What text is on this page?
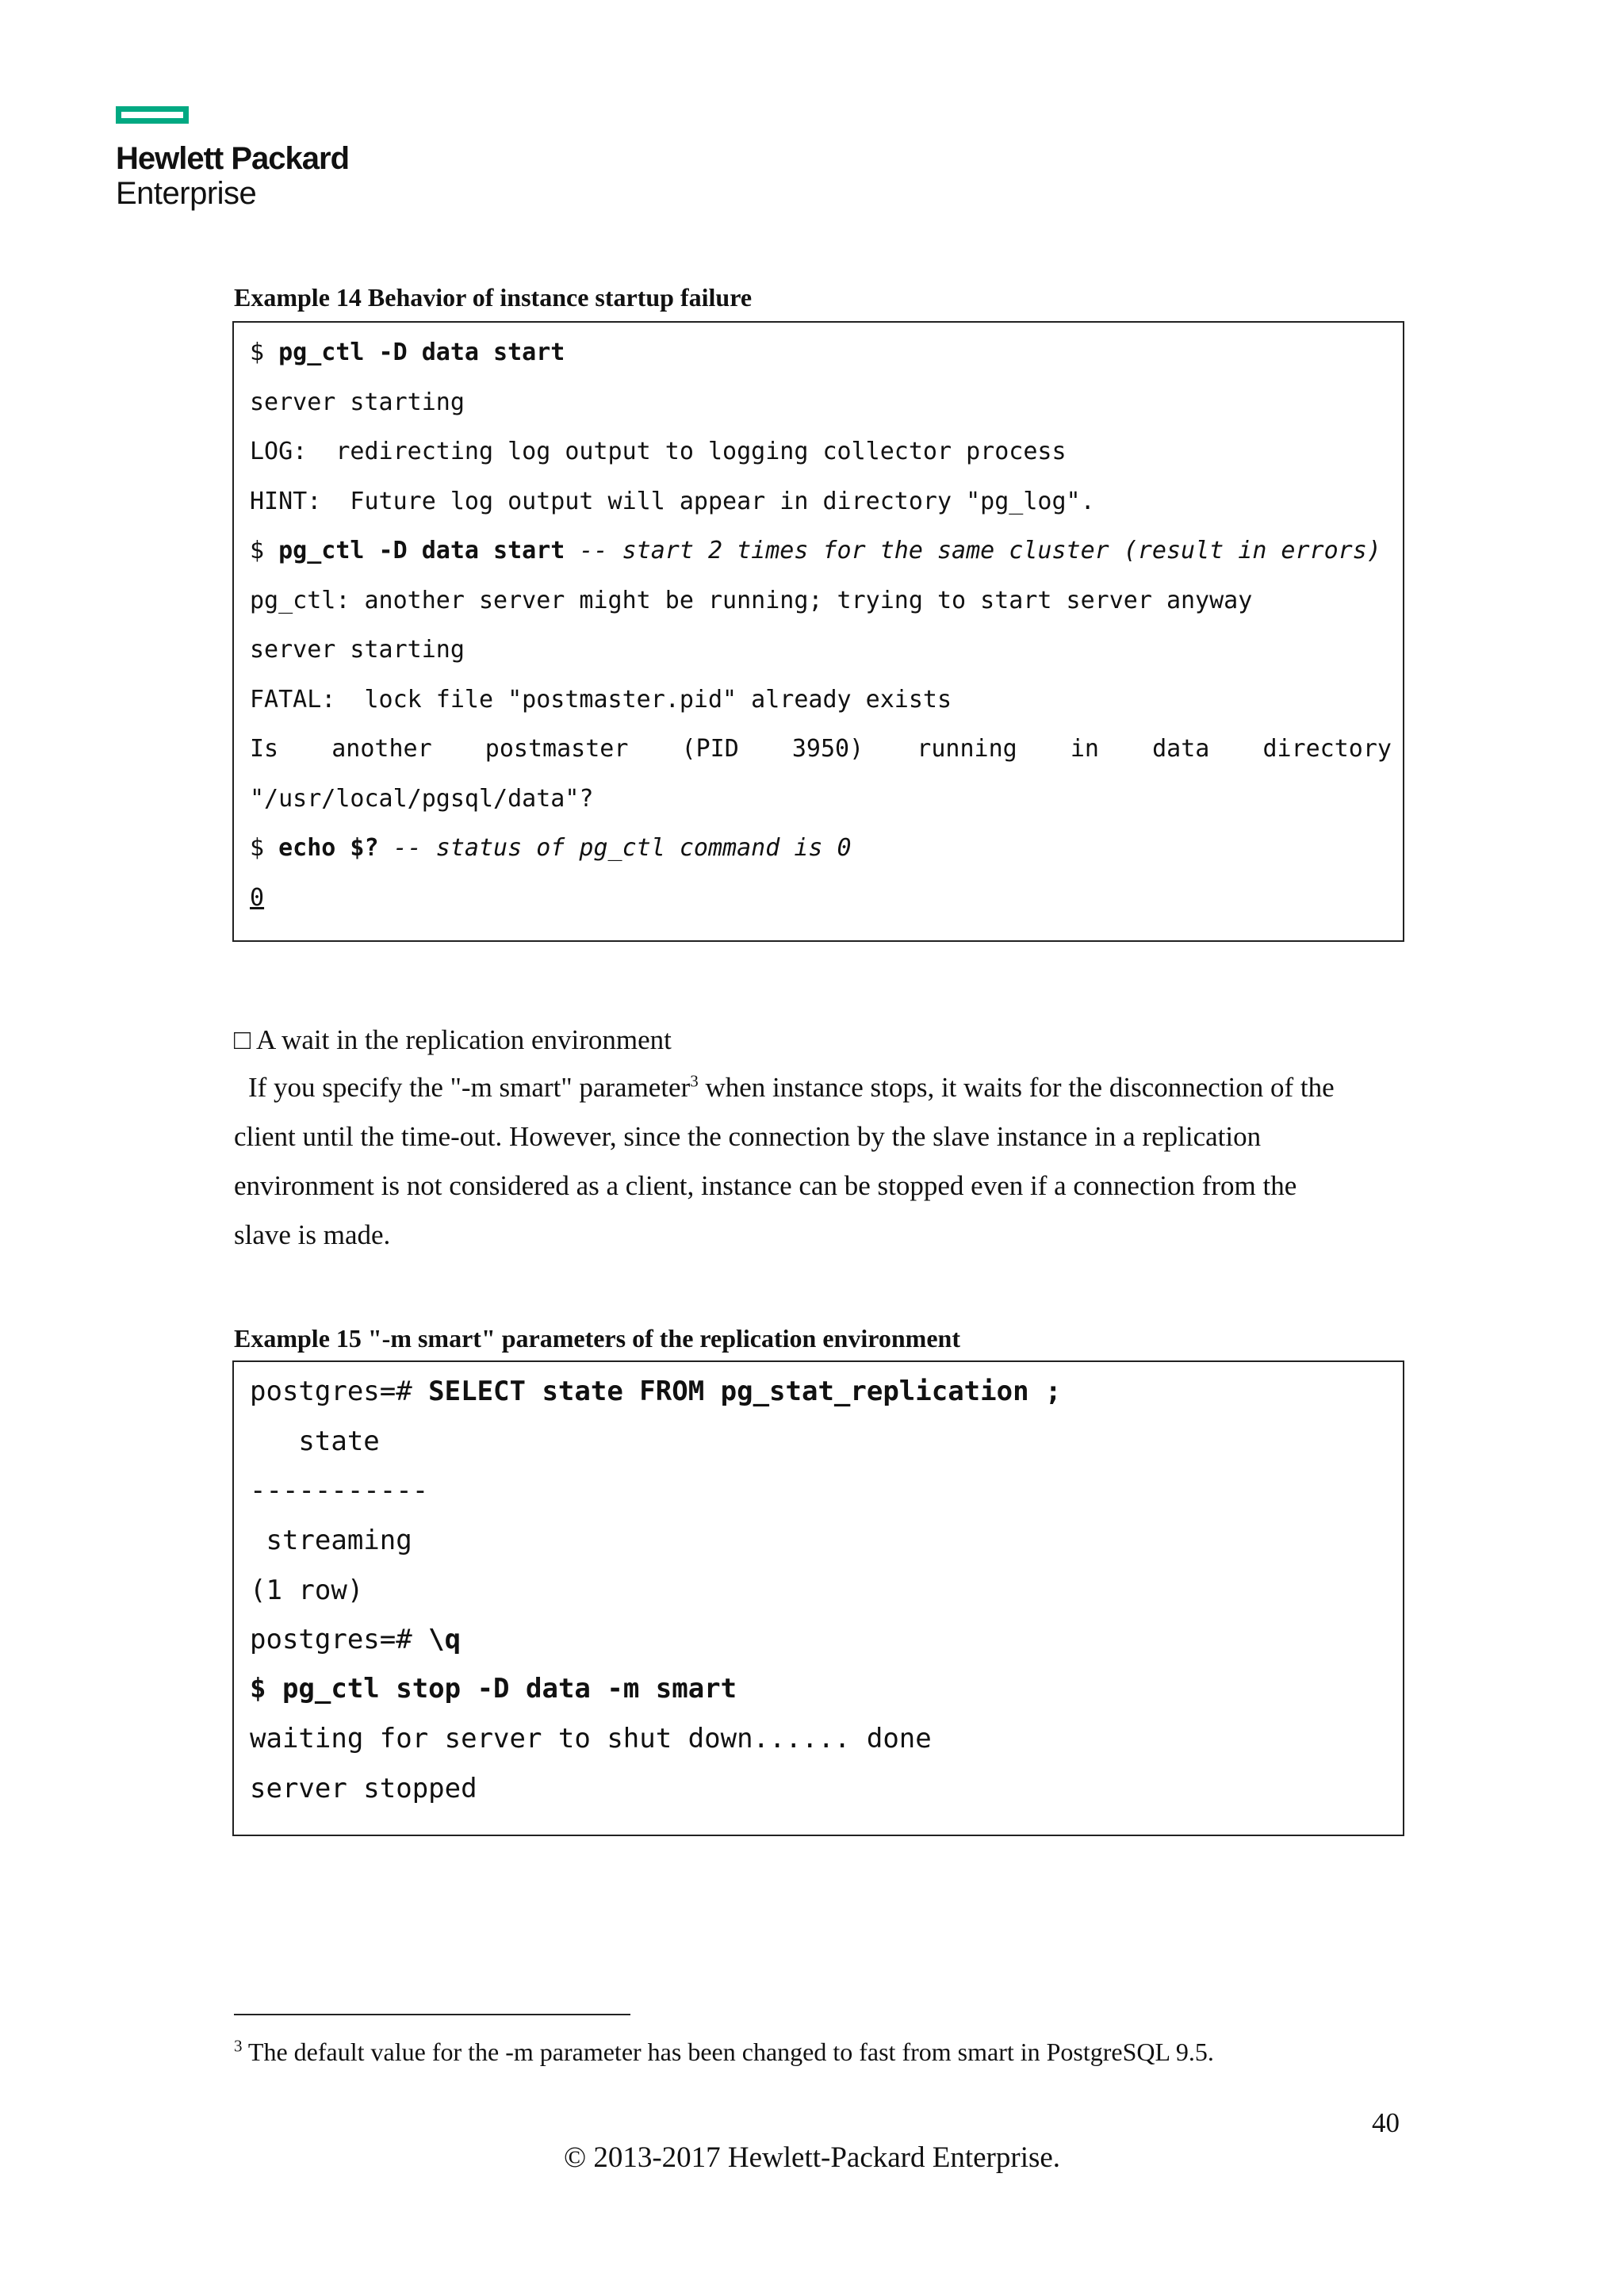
Hewlett Packard
Enterprise
Example 14 Behavior of instance startup failure
$ pg_ctl -D data start
server starting
LOG:  redirecting log output to logging collector process
HINT:  Future log output will appear in directory "pg_log".
$ pg_ctl -D data start -- start 2 times for the same cluster (result in errors)
pg_ctl: another server might be running; trying to start server anyway
server starting
FATAL:  lock file "postmaster.pid" already exists
Is another postmaster (PID 3950) running in data directory
"/usr/local/pgsql/data"?
$ echo $? -- status of pg_ctl command is 0
0
□ A wait in the replication environment
If you specify the "-m smart" parameter$^3$ when instance stops, it waits for the disconnection of the
client until the time-out. However, since the connection by the slave instance in a replication
environment is not considered as a client, instance can be stopped even if a connection from the
slave is made.
Example 15 "-m smart" parameters of the replication environment
postgres=# SELECT state FROM pg_stat_replication ;
state
-----------
streaming
(1 row)
postgres=# \q
$ pg_ctl stop -D data -m smart
waiting for server to shut down...... done
server stopped
$^3$ The default value for the -m parameter has been changed to fast from smart in PostgreSQL 9.5.
40
© 2013-2017 Hewlett-Packard Enterprise.
